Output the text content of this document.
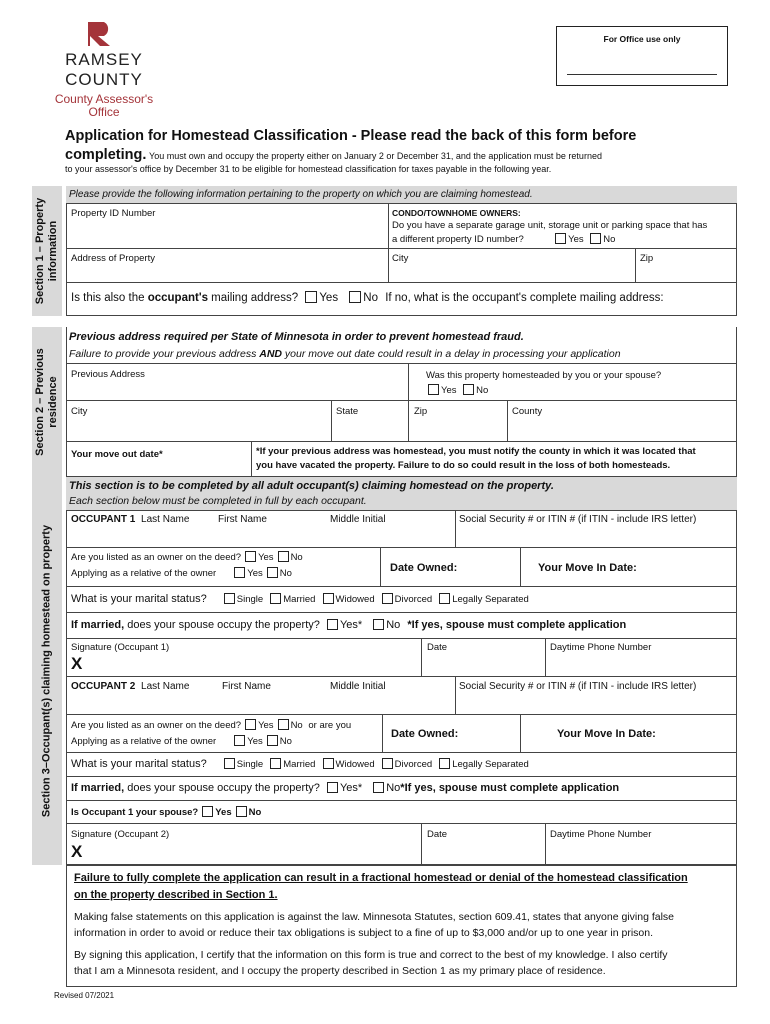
RAMSEY
COUNTY
County Assessor's
Office
For Office use only
Application for Homestead Classification - Please read the back of this form before
completing. You must own and occupy the property either on January 2 or December 31, and the application must be returned
to your assessor's office by December 31 to be eligible for homestead classification for taxes payable in the following year.
Section 1 – Property information
Please provide the following information pertaining to the property on which you are claiming homestead.
Property ID Number	CONDO/TOWNHOME OWNERS:
Do you have a separate garage unit, storage unit or parking space that has
a different property ID number?	Yes No
Address of Property	City	Zip
Is this also the occupant's mailing address? Yes No If no, what is the occupant's complete mailing address:
Section 2 – Previous residence
Previous address required per State of Minnesota in order to prevent homestead fraud.
Failure to provide your previous address AND your move out date could result in a delay in processing your application
Previous Address	Was this property homesteaded by you or your spouse?
Yes No
City	State	Zip	County
Your move out date*	*If your previous address was homestead, you must notify the county in which it was located that
you have vacated the property. Failure to do so could result in the loss of both homesteads.
Section 3–Occupant(s) claiming homestead on property
This section is to be completed by all adult occupant(s) claiming homestead on the property.
Each section below must be completed in full by each occupant.
OCCUPANT 1 Last Name	First Name	Middle Initial	Social Security # or ITIN # (if ITIN - include IRS letter)
Are you listed as an owner on the deed? Yes No
Applying as a relative of the owner	Yes No	Date Owned:	Your Move In Date:
What is your marital status?	Single Married Widowed Divorced Legally Separated
If married, does your spouse occupy the property? Yes* No *If yes, spouse must complete application
Signature (Occupant 1)
X
Date	Daytime Phone Number
OCCUPANT 2 Last Name	First Name	Middle Initial	Social Security # or ITIN # (if ITIN - include IRS letter)
Are you listed as an owner on the deed? Yes No or are you
Applying as a relative of the owner	Yes No
Date Owned:	Your Move In Date:
What is your marital status?	Single Married Widowed Divorced Legally Separated
If married, does your spouse occupy the property? Yes* No*If yes, spouse must complete application
Is Occupant 1 your spouse? Yes No
Signature (Occupant 2)
X
Date	Daytime Phone Number
Failure to fully complete the application can result in a fractional homestead or denial of the homestead classification
on the property described in Section 1.
Making false statements on this application is against the law. Minnesota Statutes, section 609.41, states that anyone giving false
information in order to avoid or reduce their tax obligations is subject to a fine of up to $3,000 and/or up to one year in prison.
By signing this application, I certify that the information on this form is true and correct to the best of my knowledge. I also certify
that I am a Minnesota resident, and I occupy the property described in Section 1 as my primary place of residence.
Revised 07/2021
